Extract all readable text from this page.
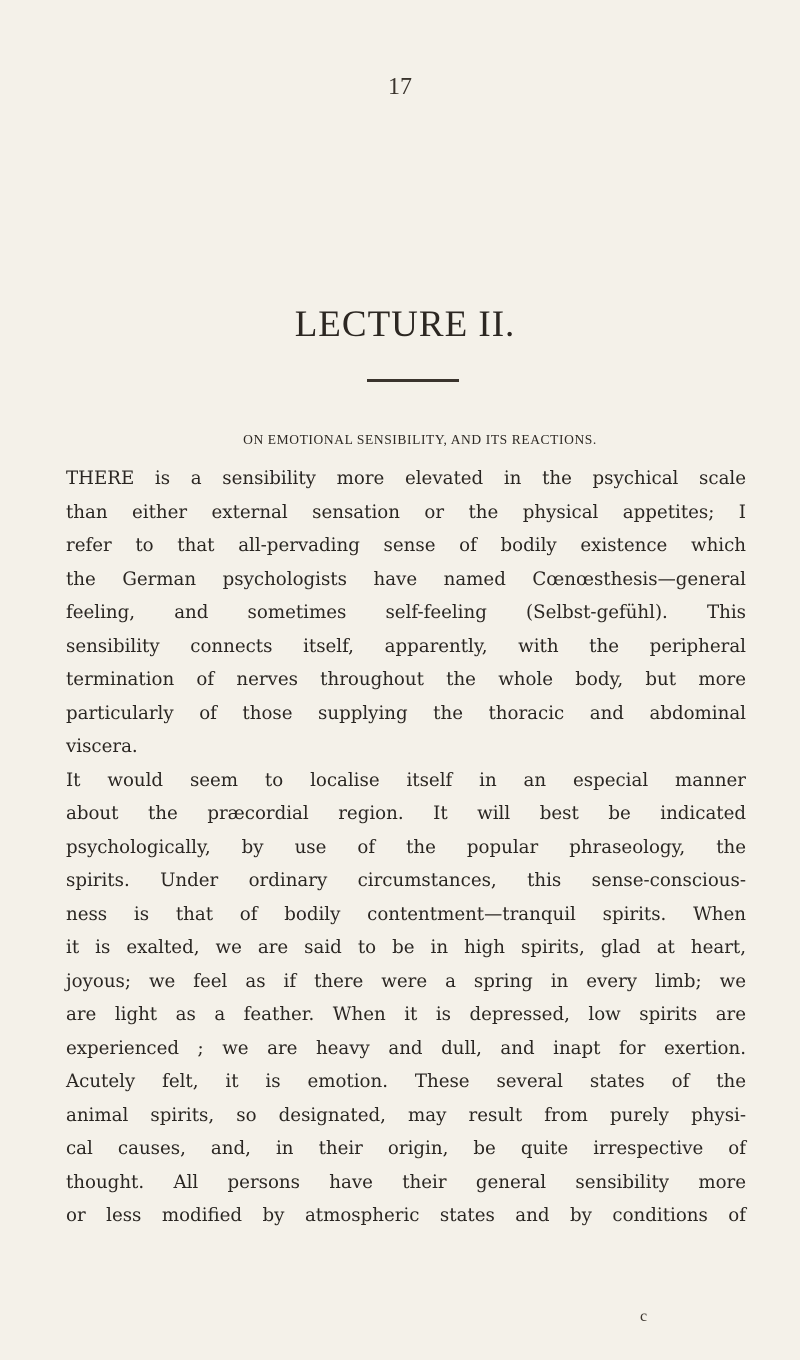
17
LECTURE II.
ON EMOTIONAL SENSIBILITY, AND ITS REACTIONS.
THERE is a sensibility more elevated in the psychical scale
than either external sensation or the physical appetites; I
refer to that all-pervading sense of bodily existence which
the German psychologists have named Cœnœsthesis—general
feeling, and sometimes self-feeling (Selbst-gefühl). This
sensibility connects itself, apparently, with the peripheral
termination of nerves throughout the whole body, but more
particularly of those supplying the thoracic and abdominal
viscera.
It would seem to localise itself in an especial manner
about the præcordial region. It will best be indicated
psychologically, by use of the popular phraseology, the
spirits. Under ordinary circumstances, this sense-conscious-
ness is that of bodily contentment—tranquil spirits. When
it is exalted, we are said to be in high spirits, glad at heart,
joyous; we feel as if there were a spring in every limb; we
are light as a feather. When it is depressed, low spirits are
experienced ; we are heavy and dull, and inapt for exertion.
Acutely felt, it is emotion. These several states of the
animal spirits, so designated, may result from purely physi-
cal causes, and, in their origin, be quite irrespective of
thought. All persons have their general sensibility more
or less modified by atmospheric states and by conditions of
c
